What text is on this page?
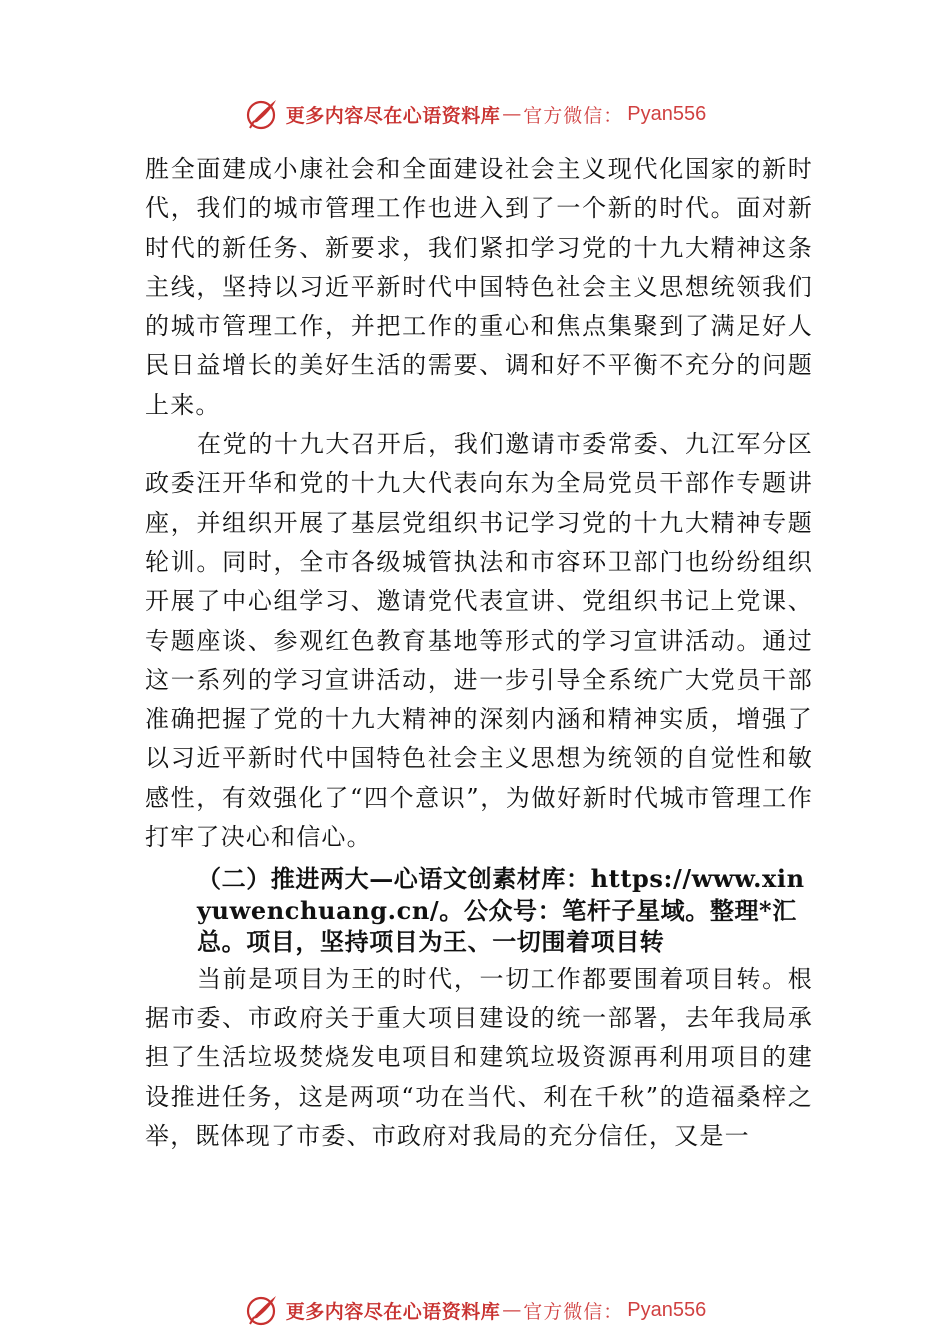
更多内容尽在心语资料库 — 官方微信： Pyan556

胜全面建成小康社会和全面建设社会主义现代化国家的新时代，我们的城市管理工作也进入到了一个新的时代。面对新时代的新任务、新要求，我们紧扣学习党的十九大精神这条主线，坚持以习近平新时代中国特色社会主义思想统领我们的城市管理工作，并把工作的重心和焦点集聚到了满足好人民日益增长的美好生活的需要、调和好不平衡不充分的问题上来。

在党的十九大召开后，我们邀请市委常委、九江军分区政委汪开华和党的十九大代表向东为全局党员干部作专题讲座，并组织开展了基层党组织书记学习党的十九大精神专题轮训。同时，全市各级城管执法和市容环卫部门也纷纷组织开展了中心组学习、邀请党代表宣讲、党组织书记上党课、专题座谈、参观红色教育基地等形式的学习宣讲活动。通过这一系列的学习宣讲活动，进一步引导全系统广大党员干部准确把握了党的十九大精神的深刻内涵和精神实质，增强了以习近平新时代中国特色社会主义思想为统领的自觉性和敏感性，有效强化了“四个意识”，为做好新时代城市管理工作打牢了决心和信心。

（二）推进两大—心语文创素材库：https://www.xinyuwenchuang.cn/。公众号：笔杆子星域。整理*汇总。项目，坚持项目为王、一切围着项目转

当前是项目为王的时代，一切工作都要围着项目转。根据市委、市政府关于重大项目建设的统一部署，去年我局承担了生活垃圾焚烧发电项目和建筑垃圾资源再利用项目的建设推进任务，这是两项“功在当代、利在千秋”的造福桑梓之举，既体现了市委、市政府对我局的充分信任，又是一

更多内容尽在心语资料库 — 官方微信： Pyan556
